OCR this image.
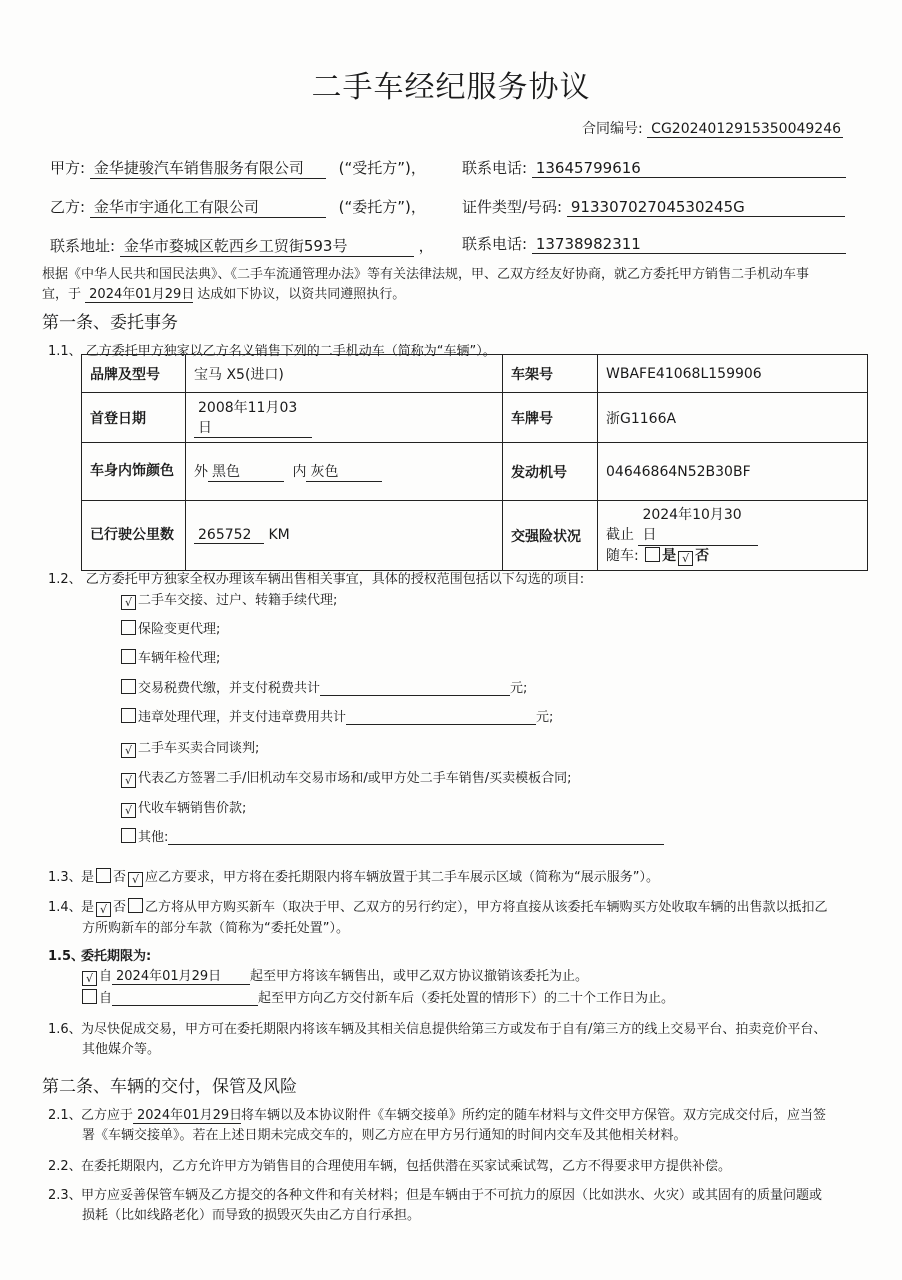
二手车经纪服务协议
合同编号: CG2024012915350049246
甲方: 金华捷骏汽车销售服务有限公司 (“受托方”)， 联系电话: 13645799616
乙方: 金华市宇通化工有限公司	(“委托方”)， 证件类型/号码: 91330702704530245G
联系地址: 金华市婺城区乾西乡工贸街593号	， 联系电话: 13738982311
根据《中华人民共和国民法典》、《二手车流通管理办法》等有关法律法规，甲、乙双方经友好协商，就乙方委托甲方销售二手机动车事
宜，于 2024年01月29日 达成如下协议，以资共同遵照执行。
第一条、委托事务
1.1、 乙方委托甲方独家以乙方名义销售下列的二手机动车（简称为“车辆”）。
品牌及型号	宝马 X5(进口)	车架号	WBAFE41068L159906
首登日期	2008年11月03日	车牌号	浙G1166A
车身内饰颜色	外 黑色 内 灰色	发动机号	04646864N52B30BF
已行驶公里数	265752 KM	交强险状况	截止 2024年10月30日
随车: 是 √ 否
1.2、 乙方委托甲方独家全权办理该车辆出售相关事宜，具体的授权范围包括以下勾选的项目:
√ 二手车交接、过户、转籍手续代理;
保险变更代理;
车辆年检代理;
交易税费代缴，并支付税费共计	元;
违章处理代理，并支付违章费用共计	元;
√ 二手车买卖合同谈判;
√ 代表乙方签署二手/旧机动车交易市场和/或甲方处二手车销售/买卖模板合同;
√ 代收车辆销售价款;
其他:
1.3、是 否 √ 应乙方要求，甲方将在委托期限内将车辆放置于其二手车展示区域（简称为“展示服务”）。
1.4、是 √ 否 乙方将从甲方购买新车（取决于甲、乙双方的另行约定），甲方将直接从该委托车辆购买方处收取车辆的出售款以抵扣乙
方所购新车的部分车款（简称为“委托处置”）。
1.5、委托期限为:
√ 自 2024年01月29日 起至甲方将该车辆售出，或甲乙双方协议撤销该委托为止。
自	起至甲方向乙方交付新车后（委托处置的情形下）的二十个工作日为止。
1.6、为尽快促成交易，甲方可在委托期限内将该车辆及其相关信息提供给第三方或发布于自有/第三方的线上交易平台、拍卖竞价平台、
其他媒介等。
第二条、车辆的交付，保管及风险
2.1、乙方应于 2024年01月29日将车辆以及本协议附件《车辆交接单》所约定的随车材料与文件交甲方保管。双方完成交付后，应当签
署《车辆交接单》。若在上述日期未完成交车的，则乙方应在甲方另行通知的时间内交车及其他相关材料。
2.2、在委托期限内，乙方允许甲方为销售目的合理使用车辆，包括供潜在买家试乘试驾，乙方不得要求甲方提供补偿。
2.3、甲方应妥善保管车辆及乙方提交的各种文件和有关材料；但是车辆由于不可抗力的原因（比如洪水、火灾）或其固有的质量问题或
损耗（比如线路老化）而导致的损毁灭失由乙方自行承担。
